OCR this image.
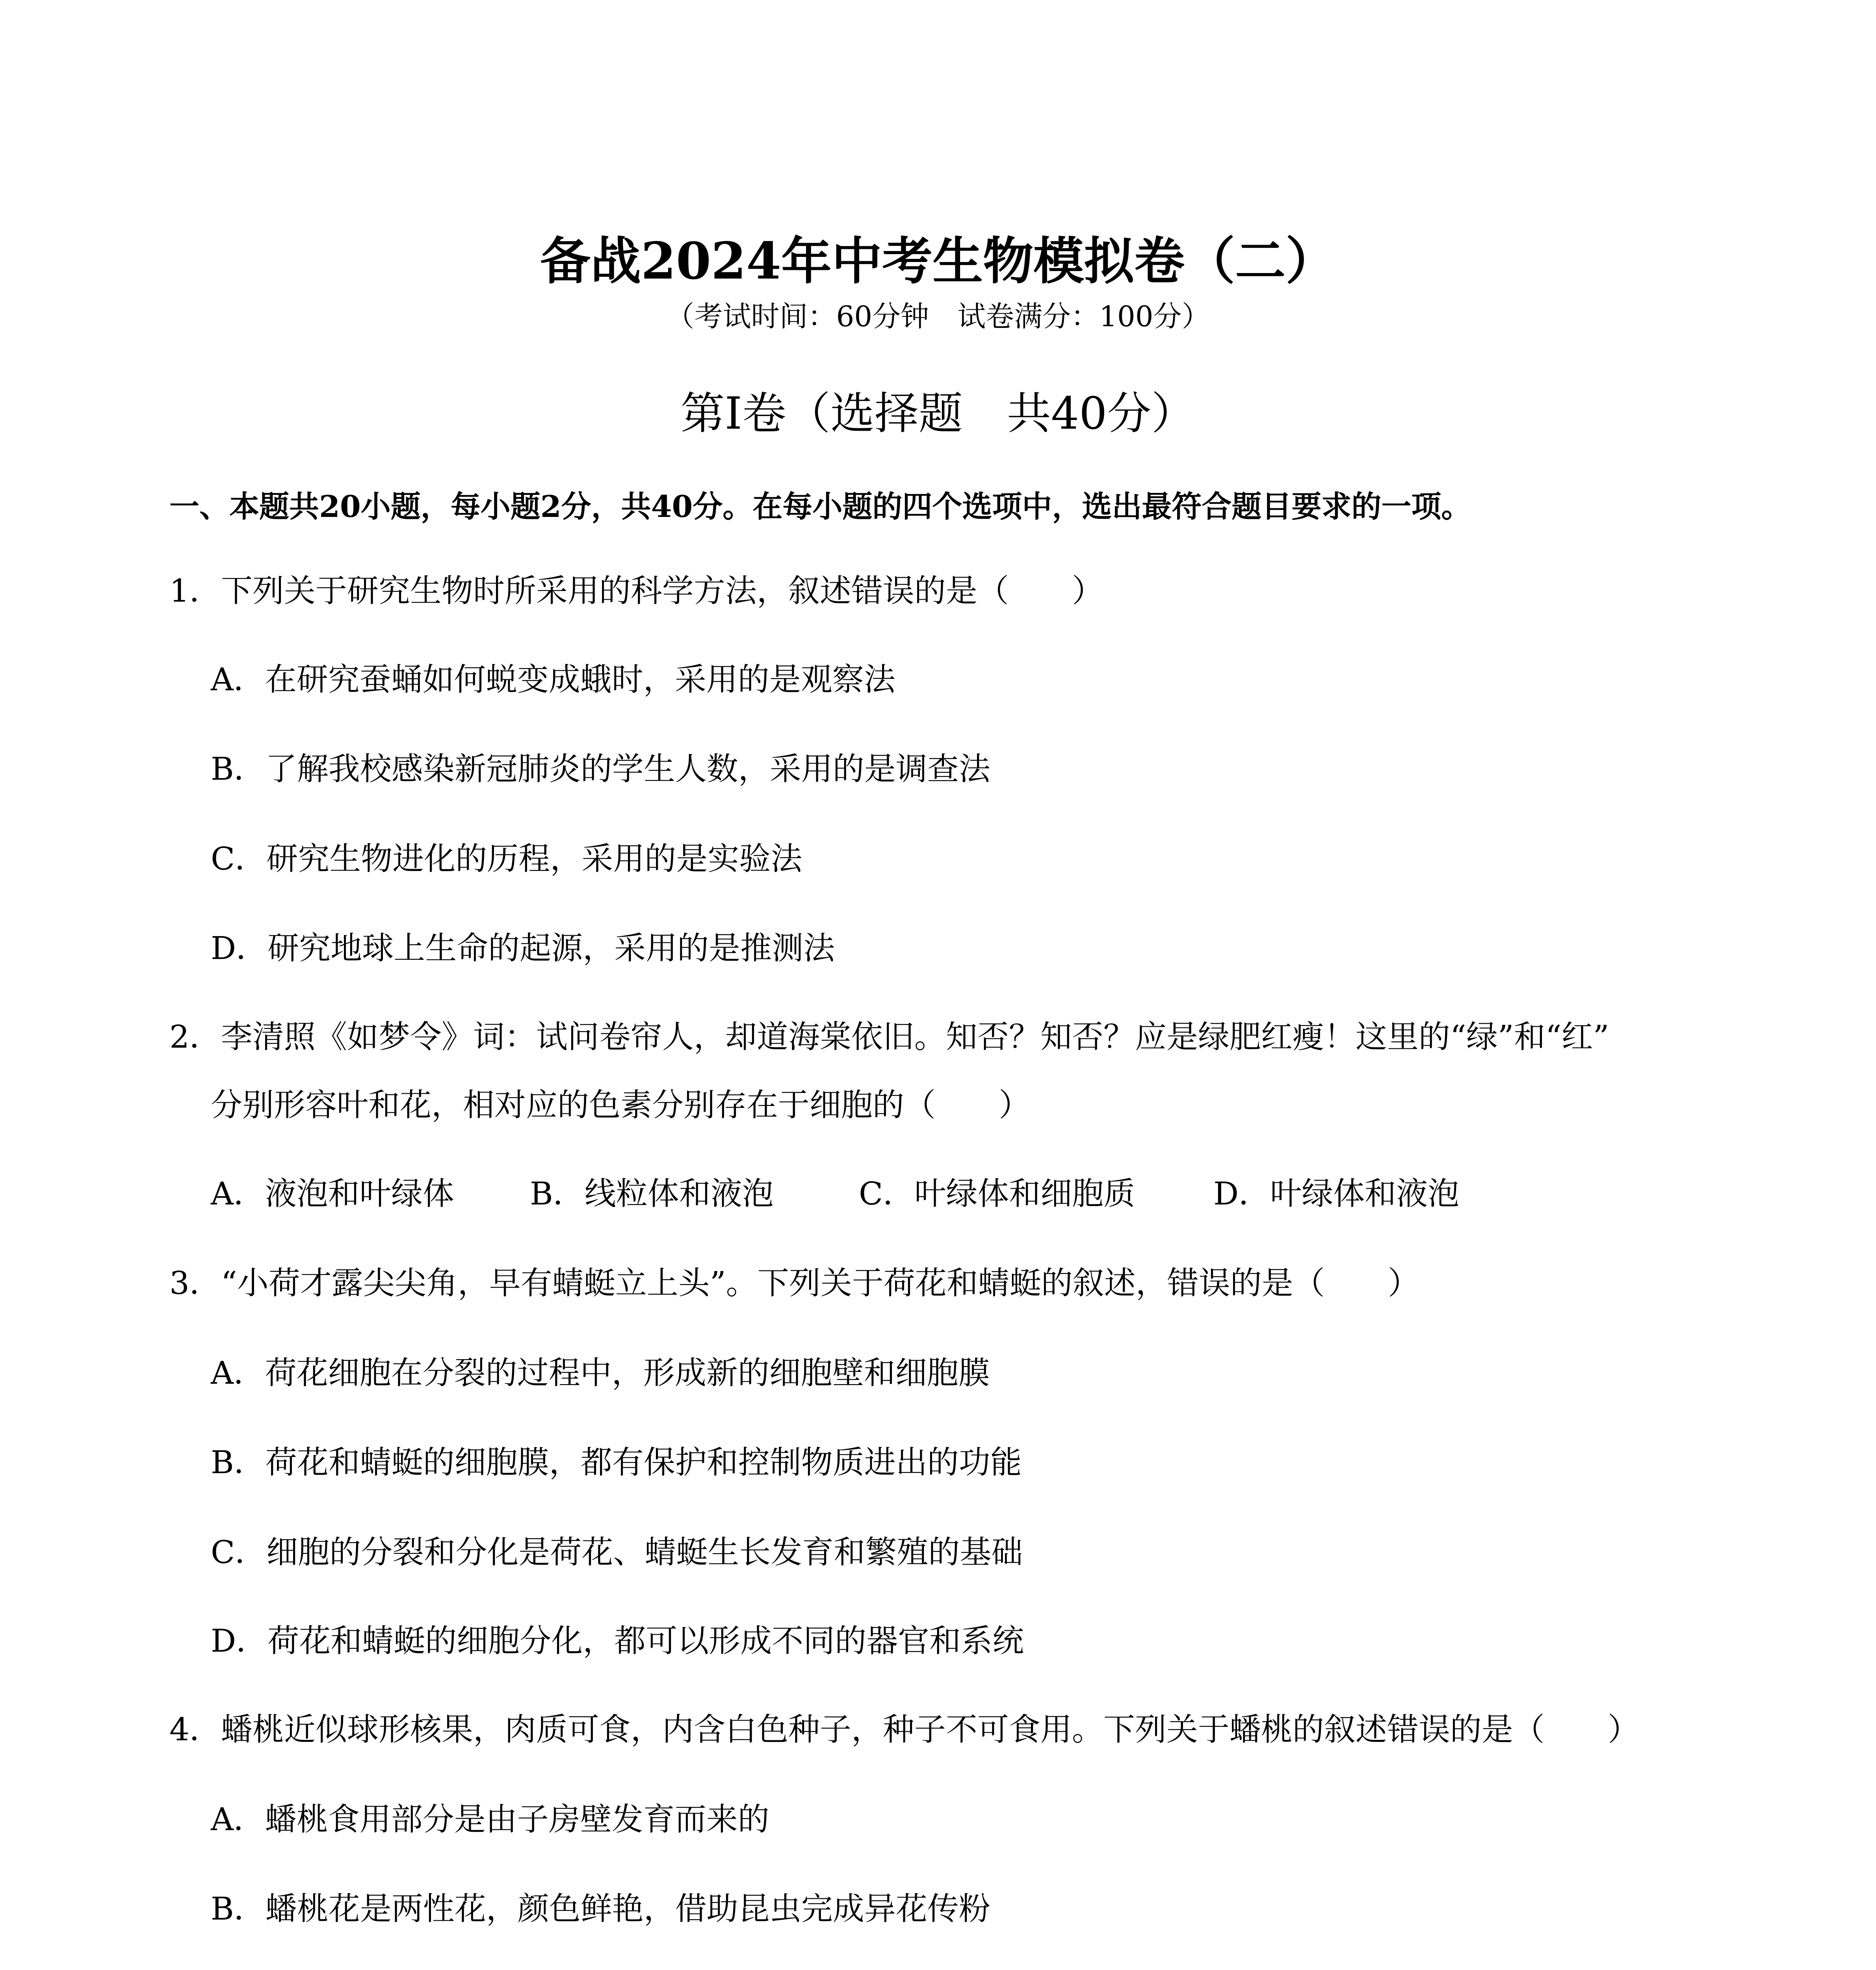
备战2024年中考生物模拟卷（二）
（考试时间：60分钟　试卷满分：100分）
第I卷（选择题　共40分）
一、本题共20小题，每小题2分，共40分。在每小题的四个选项中，选出最符合题目要求的一项。
1．下列关于研究生物时所采用的科学方法，叙述错误的是（　　）
A．在研究蚕蛹如何蜕变成蛾时，采用的是观察法
B．了解我校感染新冠肺炎的学生人数，采用的是调查法
C．研究生物进化的历程，采用的是实验法
D．研究地球上生命的起源，采用的是推测法
2．李清照《如梦令》词：试问卷帘人，却道海棠依旧。知否？知否？应是绿肥红瘦！这里的“绿”和“红”
分别形容叶和花，相对应的色素分别存在于细胞的（　　）
A．液泡和叶绿体 B．线粒体和液泡	C．叶绿体和细胞质 D．叶绿体和液泡
3．“小荷才露尖尖角，早有蜻蜓立上头”。下列关于荷花和蜻蜓的叙述，错误的是（　　）
A．荷花细胞在分裂的过程中，形成新的细胞壁和细胞膜
B．荷花和蜻蜓的细胞膜，都有保护和控制物质进出的功能
C．细胞的分裂和分化是荷花、蜻蜓生长发育和繁殖的基础
D．荷花和蜻蜓的细胞分化，都可以形成不同的器官和系统
4．蟠桃近似球形核果，肉质可食，内含白色种子，种子不可食用。下列关于蟠桃的叙述错误的是（　　）
A．蟠桃食用部分是由子房壁发育而来的
B．蟠桃花是两性花，颜色鲜艳，借助昆虫完成异花传粉
